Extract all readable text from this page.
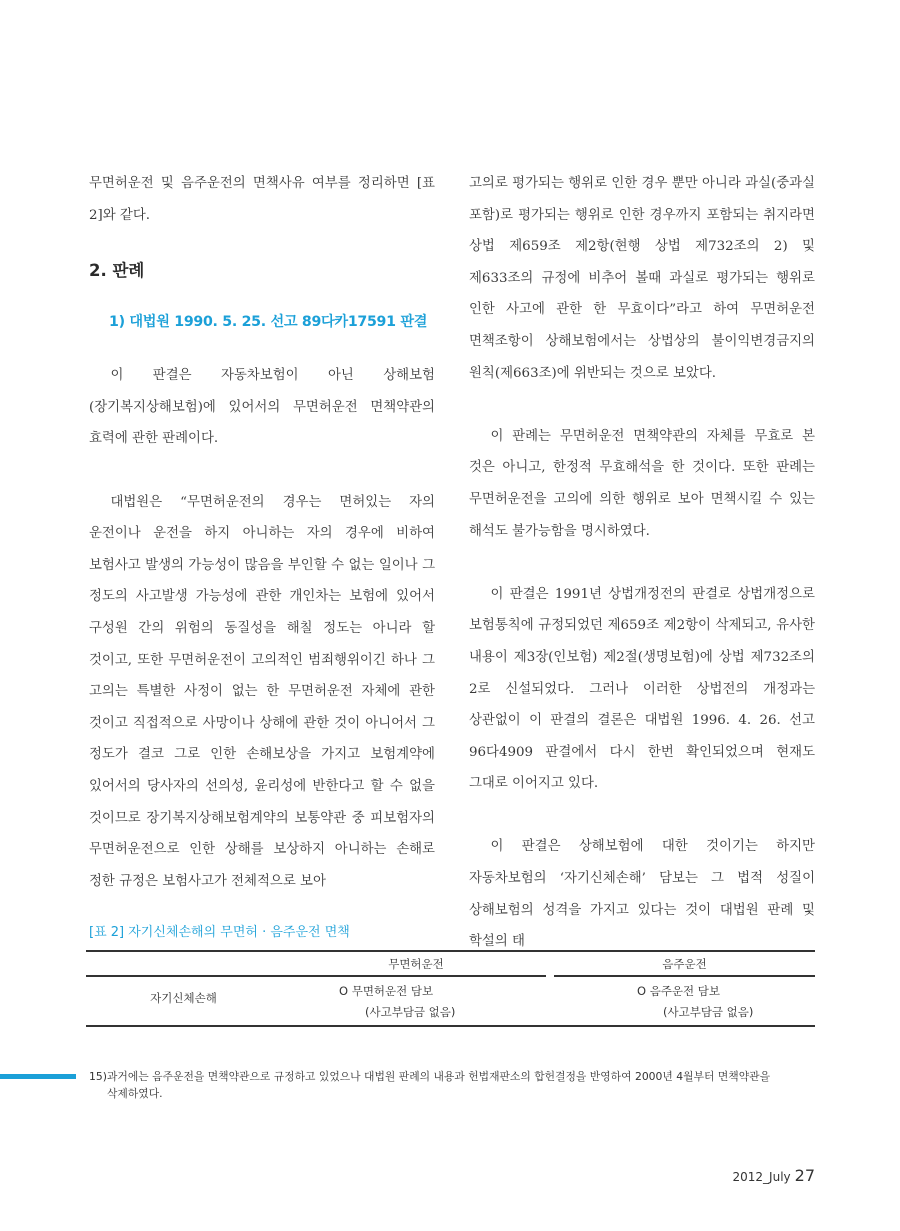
무면허운전 및 음주운전의 면책사유 여부를 정리하면 [표 2]와 같다.

2. 판례
1) 대법원 1990. 5. 25. 선고 89다카17591 판결

이 판결은 자동차보험이 아닌 상해보험(장기복지상해보험)에 있어서의 무면허운전 면책약관의 효력에 관한 판례이다.

대법원은 “무면허운전의 경우는 면허있는 자의 운전이나 운전을 하지 아니하는 자의 경우에 비하여 보험사고 발생의 가능성이 많음을 부인할 수 없는 일이나 그 정도의 사고발생 가능성에 관한 개인차는 보험에 있어서 구성원 간의 위험의 동질성을 해칠 정도는 아니라 할 것이고, 또한 무면허운전이 고의적인 범죄행위이긴 하나 그 고의는 특별한 사정이 없는 한 무면허운전 자체에 관한 것이고 직접적으로 사망이나 상해에 관한 것이 아니어서 그 정도가 결코 그로 인한 손해보상을 가지고 보험계약에 있어서의 당사자의 선의성, 윤리성에 반한다고 할 수 없을 것이므로 장기복지상해보험계약의 보통약관 중 피보험자의 무면허운전으로 인한 상해를 보상하지 아니하는 손해로 정한 규정은 보험사고가 전체적으로 보아

고의로 평가되는 행위로 인한 경우 뿐만 아니라 과실(중과실 포함)로 평가되는 행위로 인한 경우까지 포함되는 취지라면 상법 제659조 제2항(현행 상법 제732조의 2) 및 제633조의 규정에 비추어 볼때 과실로 평가되는 행위로 인한 사고에 관한 한 무효이다”라고 하여 무면허운전 면책조항이 상해보험에서는 상법상의 불이익변경금지의 원칙(제663조)에 위반되는 것으로 보았다.

이 판례는 무면허운전 면책약관의 자체를 무효로 본 것은 아니고, 한정적 무효해석을 한 것이다. 또한 판례는 무면허운전을 고의에 의한 행위로 보아 면책시킬 수 있는 해석도 불가능함을 명시하였다.

이 판결은 1991년 상법개정전의 판결로 상법개정으로 보험통칙에 규정되었던 제659조 제2항이 삭제되고, 유사한 내용이 제3장(인보험) 제2절(생명보험)에 상법 제732조의 2로 신설되었다. 그러나 이러한 상법전의 개정과는 상관없이 이 판결의 결론은 대법원 1996. 4. 26. 선고 96다4909 판결에서 다시 한번 확인되었으며 현재도 그대로 이어지고 있다.

이 판결은 상해보험에 대한 것이기는 하지만 자동차보험의 ‘자기신체손해’ 담보는 그 법적 성질이 상해보험의 성격을 가지고 있다는 것이 대법원 판례 및 학설의 태

[표 2] 자기신체손해의 무면허 · 음주운전 면책
무면허운전	음주운전
자기신체손해	O 무면허운전 담보
(사고부담금 없음)
O 음주운전 담보
(사고부담금 없음)
15)과거에는 음주운전을 면책약관으로 규정하고 있었으나 대법원 판례의 내용과 헌법재판소의 합헌결정을 반영하여 2000년 4월부터 면책약관을
삭제하였다.
2012_July 27
